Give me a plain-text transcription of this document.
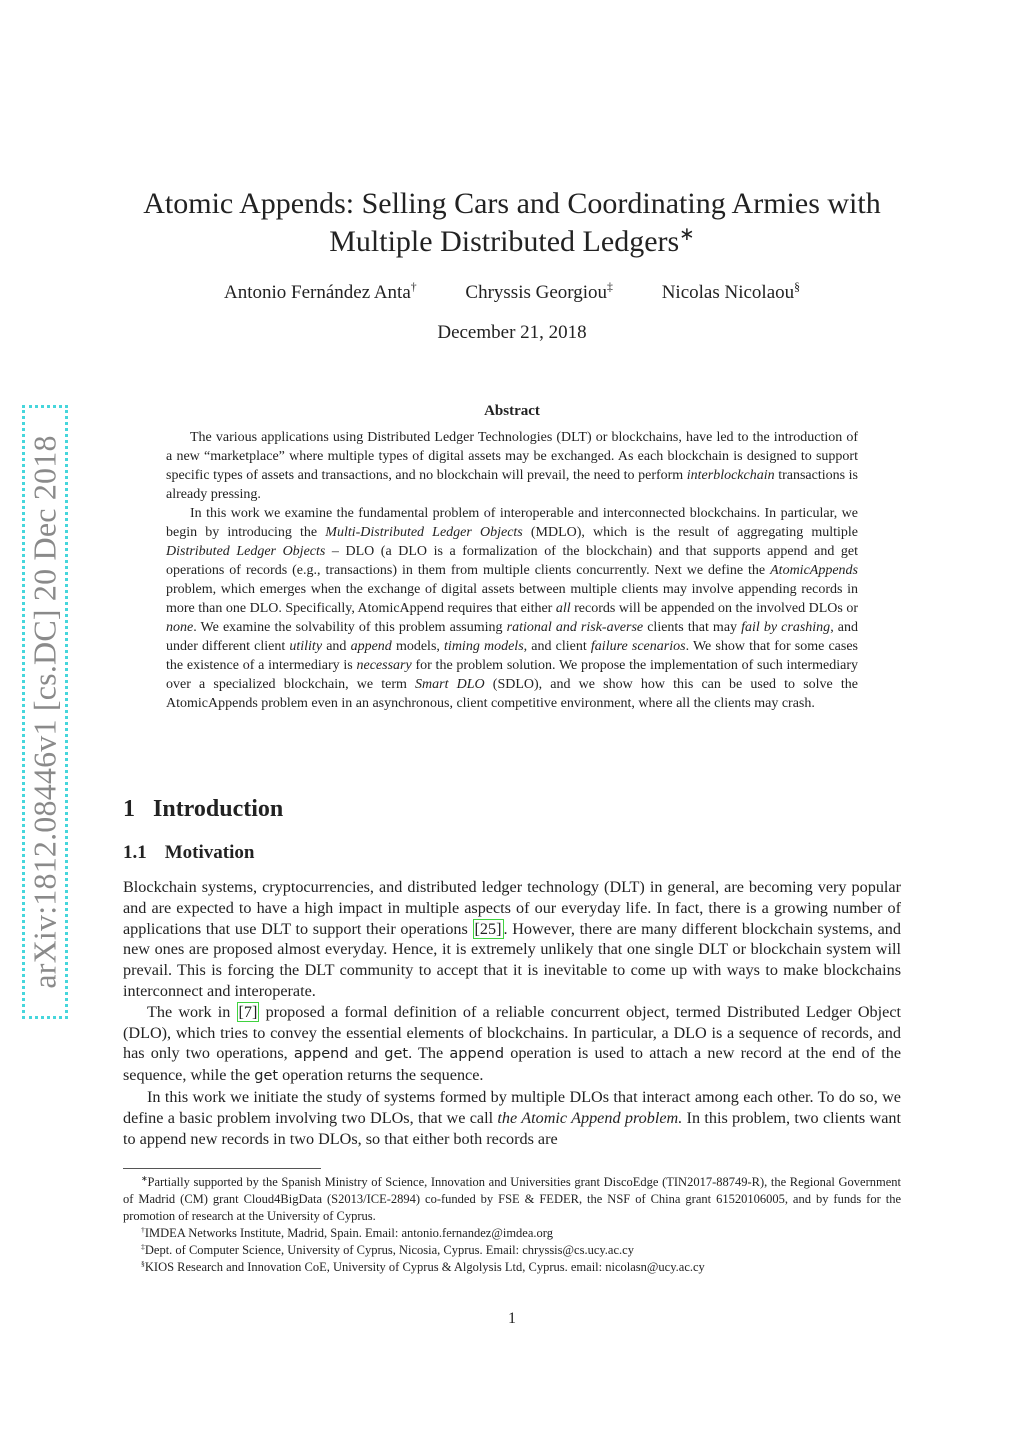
arXiv:1812.08446v1 [cs.DC] 20 Dec 2018
Atomic Appends: Selling Cars and Coordinating Armies with
Multiple Distributed Ledgers∗
Antonio Fernández Anta†	Chryssis Georgiou‡	Nicolas Nicolaou§
December 21, 2018
Abstract

The various applications using Distributed Ledger Technologies (DLT) or blockchains, have led to the introduction of a new “marketplace” where multiple types of digital assets may be exchanged. As each blockchain is designed to support specific types of assets and transactions, and no blockchain will prevail, the need to perform interblockchain transactions is already pressing.

In this work we examine the fundamental problem of interoperable and interconnected blockchains. In particular, we begin by introducing the Multi-Distributed Ledger Objects (MDLO), which is the result of aggregating multiple Distributed Ledger Objects – DLO (a DLO is a formalization of the blockchain) and that supports append and get operations of records (e.g., transactions) in them from multiple clients concurrently. Next we define the AtomicAppends problem, which emerges when the exchange of digital assets between multiple clients may involve appending records in more than one DLO. Specifically, AtomicAppend requires that either all records will be appended on the involved DLOs or none. We examine the solvability of this problem assuming rational and risk-averse clients that may fail by crashing, and under different client utility and append models, timing models, and client failure scenarios. We show that for some cases the existence of a intermediary is necessary for the problem solution. We propose the implementation of such intermediary over a specialized blockchain, we term Smart DLO (SDLO), and we show how this can be used to solve the AtomicAppends problem even in an asynchronous, client competitive environment, where all the clients may crash.

1 Introduction
1.1 Motivation

Blockchain systems, cryptocurrencies, and distributed ledger technology (DLT) in general, are becoming very popular and are expected to have a high impact in multiple aspects of our everyday life. In fact, there is a growing number of applications that use DLT to support their operations [25] . However, there are many different blockchain systems, and new ones are proposed almost everyday. Hence, it is extremely unlikely that one single DLT or blockchain system will prevail. This is forcing the DLT community to accept that it is inevitable to come up with ways to make blockchains interconnect and interoperate.

The work in [7] proposed a formal definition of a reliable concurrent object, termed Distributed Ledger Object (DLO), which tries to convey the essential elements of blockchains. In particular, a DLO is a sequence of records, and has only two operations, append and get. The append operation is used to attach a new record at the end of the sequence, while the get operation returns the sequence.

In this work we initiate the study of systems formed by multiple DLOs that interact among each other. To do so, we define a basic problem involving two DLOs, that we call the Atomic Append problem. In this problem, two clients want to append new records in two DLOs, so that either both records are

∗Partially supported by the Spanish Ministry of Science, Innovation and Universities grant DiscoEdge (TIN2017-88749-R), the Regional Government of Madrid (CM) grant Cloud4BigData (S2013/ICE-2894) co-funded by FSE & FEDER, the NSF of China grant 61520106005, and by funds for the promotion of research at the University of Cyprus.

†IMDEA Networks Institute, Madrid, Spain. Email: antonio.fernandez@imdea.org

‡Dept. of Computer Science, University of Cyprus, Nicosia, Cyprus. Email: chryssis@cs.ucy.ac.cy

§KIOS Research and Innovation CoE, University of Cyprus & Algolysis Ltd, Cyprus. email: nicolasn@ucy.ac.cy

1
